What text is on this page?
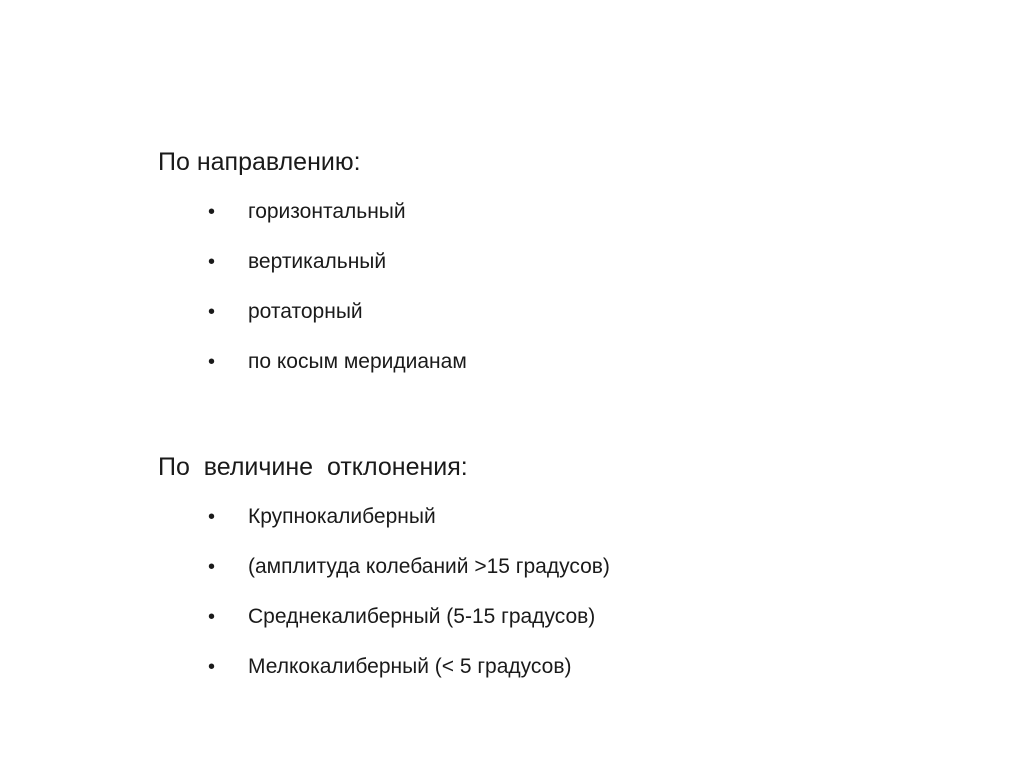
По направлению:
• горизонтальный
• вертикальный
• ротаторный
• по косым меридианам
По  величине  отклонения:
• Крупнокалиберный
• (амплитуда колебаний >15 градусов)
• Среднекалиберный (5-15 градусов)
• Мелкокалиберный (< 5 градусов)
